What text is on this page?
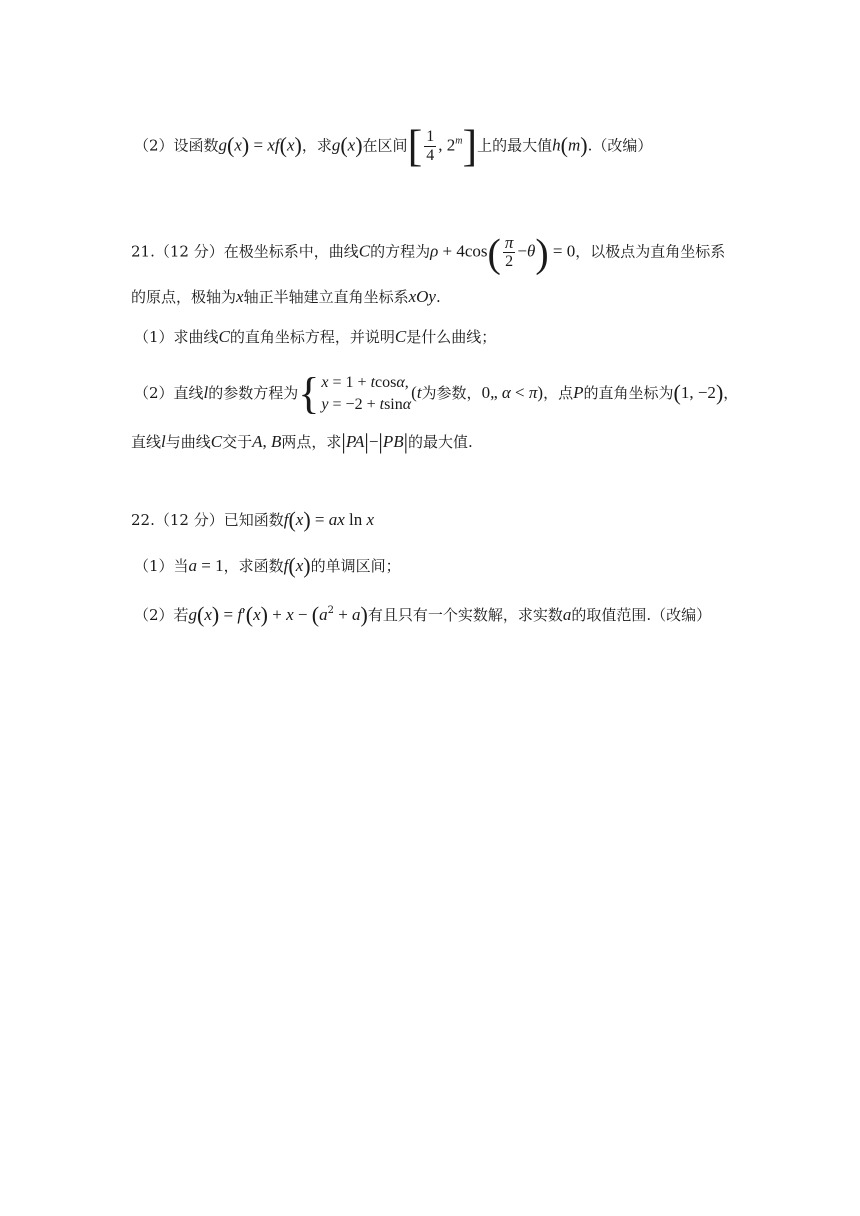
（2）设函数g(x) = xf(x)，求g(x)在区间[ $\frac{1}{4}$ , 2$^m$]上的最大值h(m).（改编）
21.（12 分）在极坐标系中，曲线C的方程为$\rho + 4\cos( \frac{\pi}{2} -\theta) = 0$，以极点为直角坐标系
的原点，极轴为x轴正半轴建立直角坐标系xOy.
（1）求曲线C的直角坐标方程，并说明C是什么曲线；
（2）直线l的参数方程为 { x = 1 + tcosα,
y = −2 + tsinα
(t为参数，0„ α < π)，点P的直角坐标为(1, −2)，
直线l与曲线C交于A, B两点，求|PA|−|PB|的最大值.
22.（12 分）已知函数f(x) = ax ln x
（1）当a = 1，求函数f(x)的单调区间；
（2）若$g(x) = f'(x) + x - (a^2 + a)$有且只有一个实数解，求实数a的取值范围.（改编）
